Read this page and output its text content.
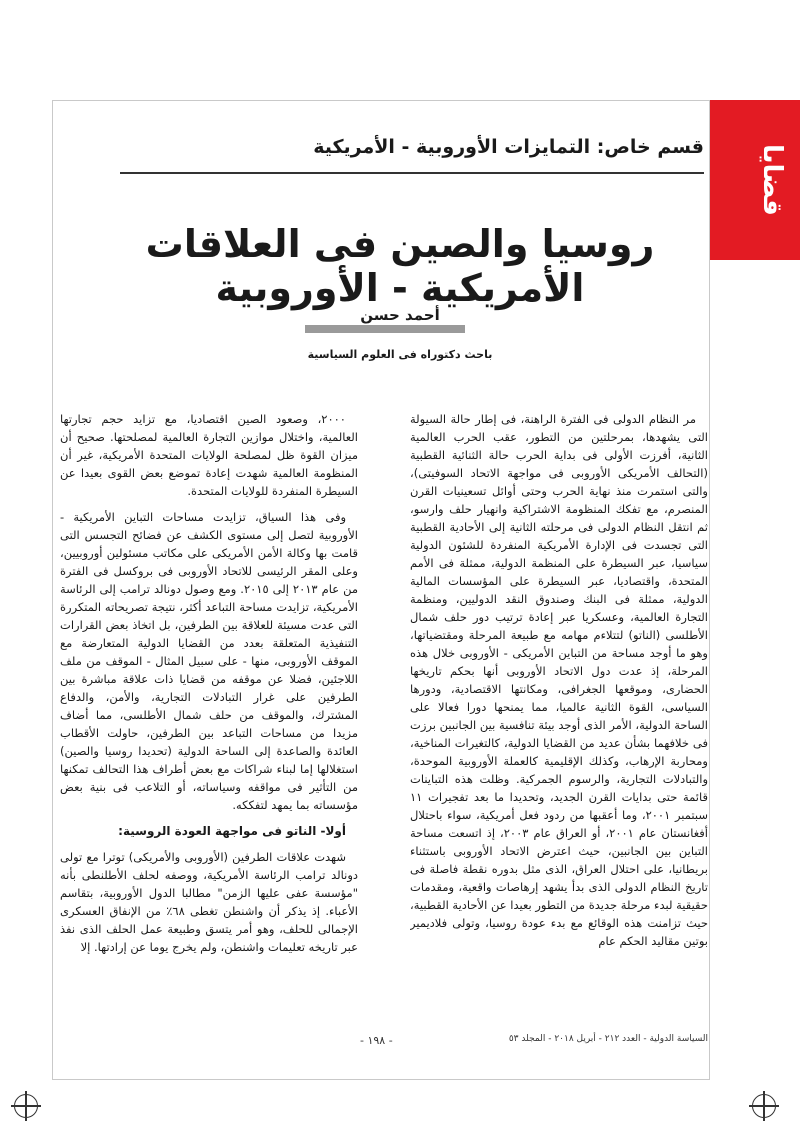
قضايا
قسم خاص: التمايزات الأوروبية - الأمريكية
روسيا والصين فى العلاقات الأمريكية - الأوروبية
أحمد حسن
باحث دكتوراه فى العلوم السياسية

مر النظام الدولى فى الفترة الراهنة، فى إطار حالة السيولة التى يشهدها، بمرحلتين من التطور، عقب الحرب العالمية الثانية، أفرزت الأولى فى بداية الحرب حالة الثنائية القطبية (التحالف الأمريكى الأوروبى فى مواجهة الاتحاد السوفيتى)، والتى استمرت منذ نهاية الحرب وحتى أوائل تسعينيات القرن المنصرم، مع تفكك المنظومة الاشتراكية وانهيار حلف وارسو، ثم انتقل النظام الدولى فى مرحلته الثانية إلى الأحادية القطبية التى تجسدت فى الإدارة الأمريكية المنفردة للشئون الدولية سياسيا، عبر السيطرة على المنظمة الدولية، ممثلة فى الأمم المتحدة، واقتصاديا، عبر السيطرة على المؤسسات المالية الدولية، ممثلة فى البنك وصندوق النقد الدوليين، ومنظمة التجارة العالمية، وعسكريا عبر إعادة ترتيب دور حلف شمال الأطلسى (الناتو) لتتلاءم مهامه مع طبيعة المرحلة ومقتضياتها، وهو ما أوجد مساحة من التباين الأمريكى - الأوروبى خلال هذه المرحلة، إذ عدت دول الاتحاد الأوروبى أنها بحكم تاريخها الحضارى، وموقعها الجغرافى، ومكانتها الاقتصادية، ودورها السياسى، القوة الثانية عالميا، مما يمنحها دورا فعالا على الساحة الدولية، الأمر الذى أوجد بيئة تنافسية بين الجانبين برزت فى خلافهما بشأن عديد من القضايا الدولية، كالتغيرات المناخية، ومحاربة الإرهاب، وكذلك الإقليمية كالعملة الأوروبية الموحدة، والتبادلات التجارية، والرسوم الجمركية. وظلت هذه التباينات قائمة حتى بدايات القرن الجديد، وتحديدا ما بعد تفجيرات ١١ سبتمبر ٢٠٠١، وما أعقبها من ردود فعل أمريكية، سواء باحتلال أفغانستان عام ٢٠٠١، أو العراق عام ٢٠٠٣، إذ اتسعت مساحة التباين بين الجانبين، حيث اعترض الاتحاد الأوروبى باستثناء بريطانيا، على احتلال العراق، الذى مثل بدوره نقطة فاصلة فى تاريخ النظام الدولى الذى بدأ يشهد إرهاصات واقعية، ومقدمات حقيقية لبدء مرحلة جديدة من التطور بعيدا عن الأحادية القطبية، حيث تزامنت هذه الوقائع مع بدء عودة روسيا، وتولى فلاديمير بوتين مقاليد الحكم عام

٢٠٠٠، وصعود الصين اقتصاديا، مع تزايد حجم تجارتها العالمية، واختلال موازين التجارة العالمية لمصلحتها. صحيح أن ميزان القوة ظل لمصلحة الولايات المتحدة الأمريكية، غير أن المنظومة العالمية شهدت إعادة تموضع بعض القوى بعيدا عن السيطرة المنفردة للولايات المتحدة.

وفى هذا السياق، تزايدت مساحات التباين الأمريكية - الأوروبية لتصل إلى مستوى الكشف عن فضائح التجسس التى قامت بها وكالة الأمن الأمريكى على مكاتب مسئولين أوروبيين، وعلى المقر الرئيسى للاتحاد الأوروبى فى بروكسل فى الفترة من عام ٢٠١٣ إلى ٢٠١٥. ومع وصول دونالد ترامب إلى الرئاسة الأمريكية، تزايدت مساحة التباعد أكثر، نتيجة تصريحاته المتكررة التى عدت مسيئة للعلاقة بين الطرفين، بل اتخاذ بعض القرارات التنفيذية المتعلقة بعدد من القضايا الدولية المتعارضة مع الموقف الأوروبى، منها - على سبيل المثال - الموقف من ملف اللاجئين، فضلا عن موقفه من قضايا ذات علاقة مباشرة بين الطرفين على غرار التبادلات التجارية، والأمن، والدفاع المشترك، والموقف من حلف شمال الأطلسى، مما أضاف مزيدا من مساحات التباعد بين الطرفين، حاولت الأقطاب العائدة والصاعدة إلى الساحة الدولية (تحديدا روسيا والصين) استغلالها إما لبناء شراكات مع بعض أطراف هذا التحالف تمكنها من التأثير فى مواقفه وسياساته، أو التلاعب فى بنية بعض مؤسساته بما يمهد لتفككه.

أولا- الناتو فى مواجهة العودة الروسية:

شهدت علاقات الطرفين (الأوروبى والأمريكى) توترا مع تولى دونالد ترامب الرئاسة الأمريكية، ووصفه لحلف الأطلنطى بأنه "مؤسسة عفى عليها الزمن" مطالبا الدول الأوروبية، بتقاسم الأعباء. إذ يذكر أن واشنطن تغطى ٦٨٪ من الإنفاق العسكرى الإجمالى للحلف، وهو أمر يتسق وطبيعة عمل الحلف الذى نفذ عبر تاريخه تعليمات واشنطن، ولم يخرج يوما عن إرادتها. إلا

السياسة الدولية - العدد ٢١٢ - أبريل ٢٠١٨ - المجلد ٥٣
- ١٩٨ -
